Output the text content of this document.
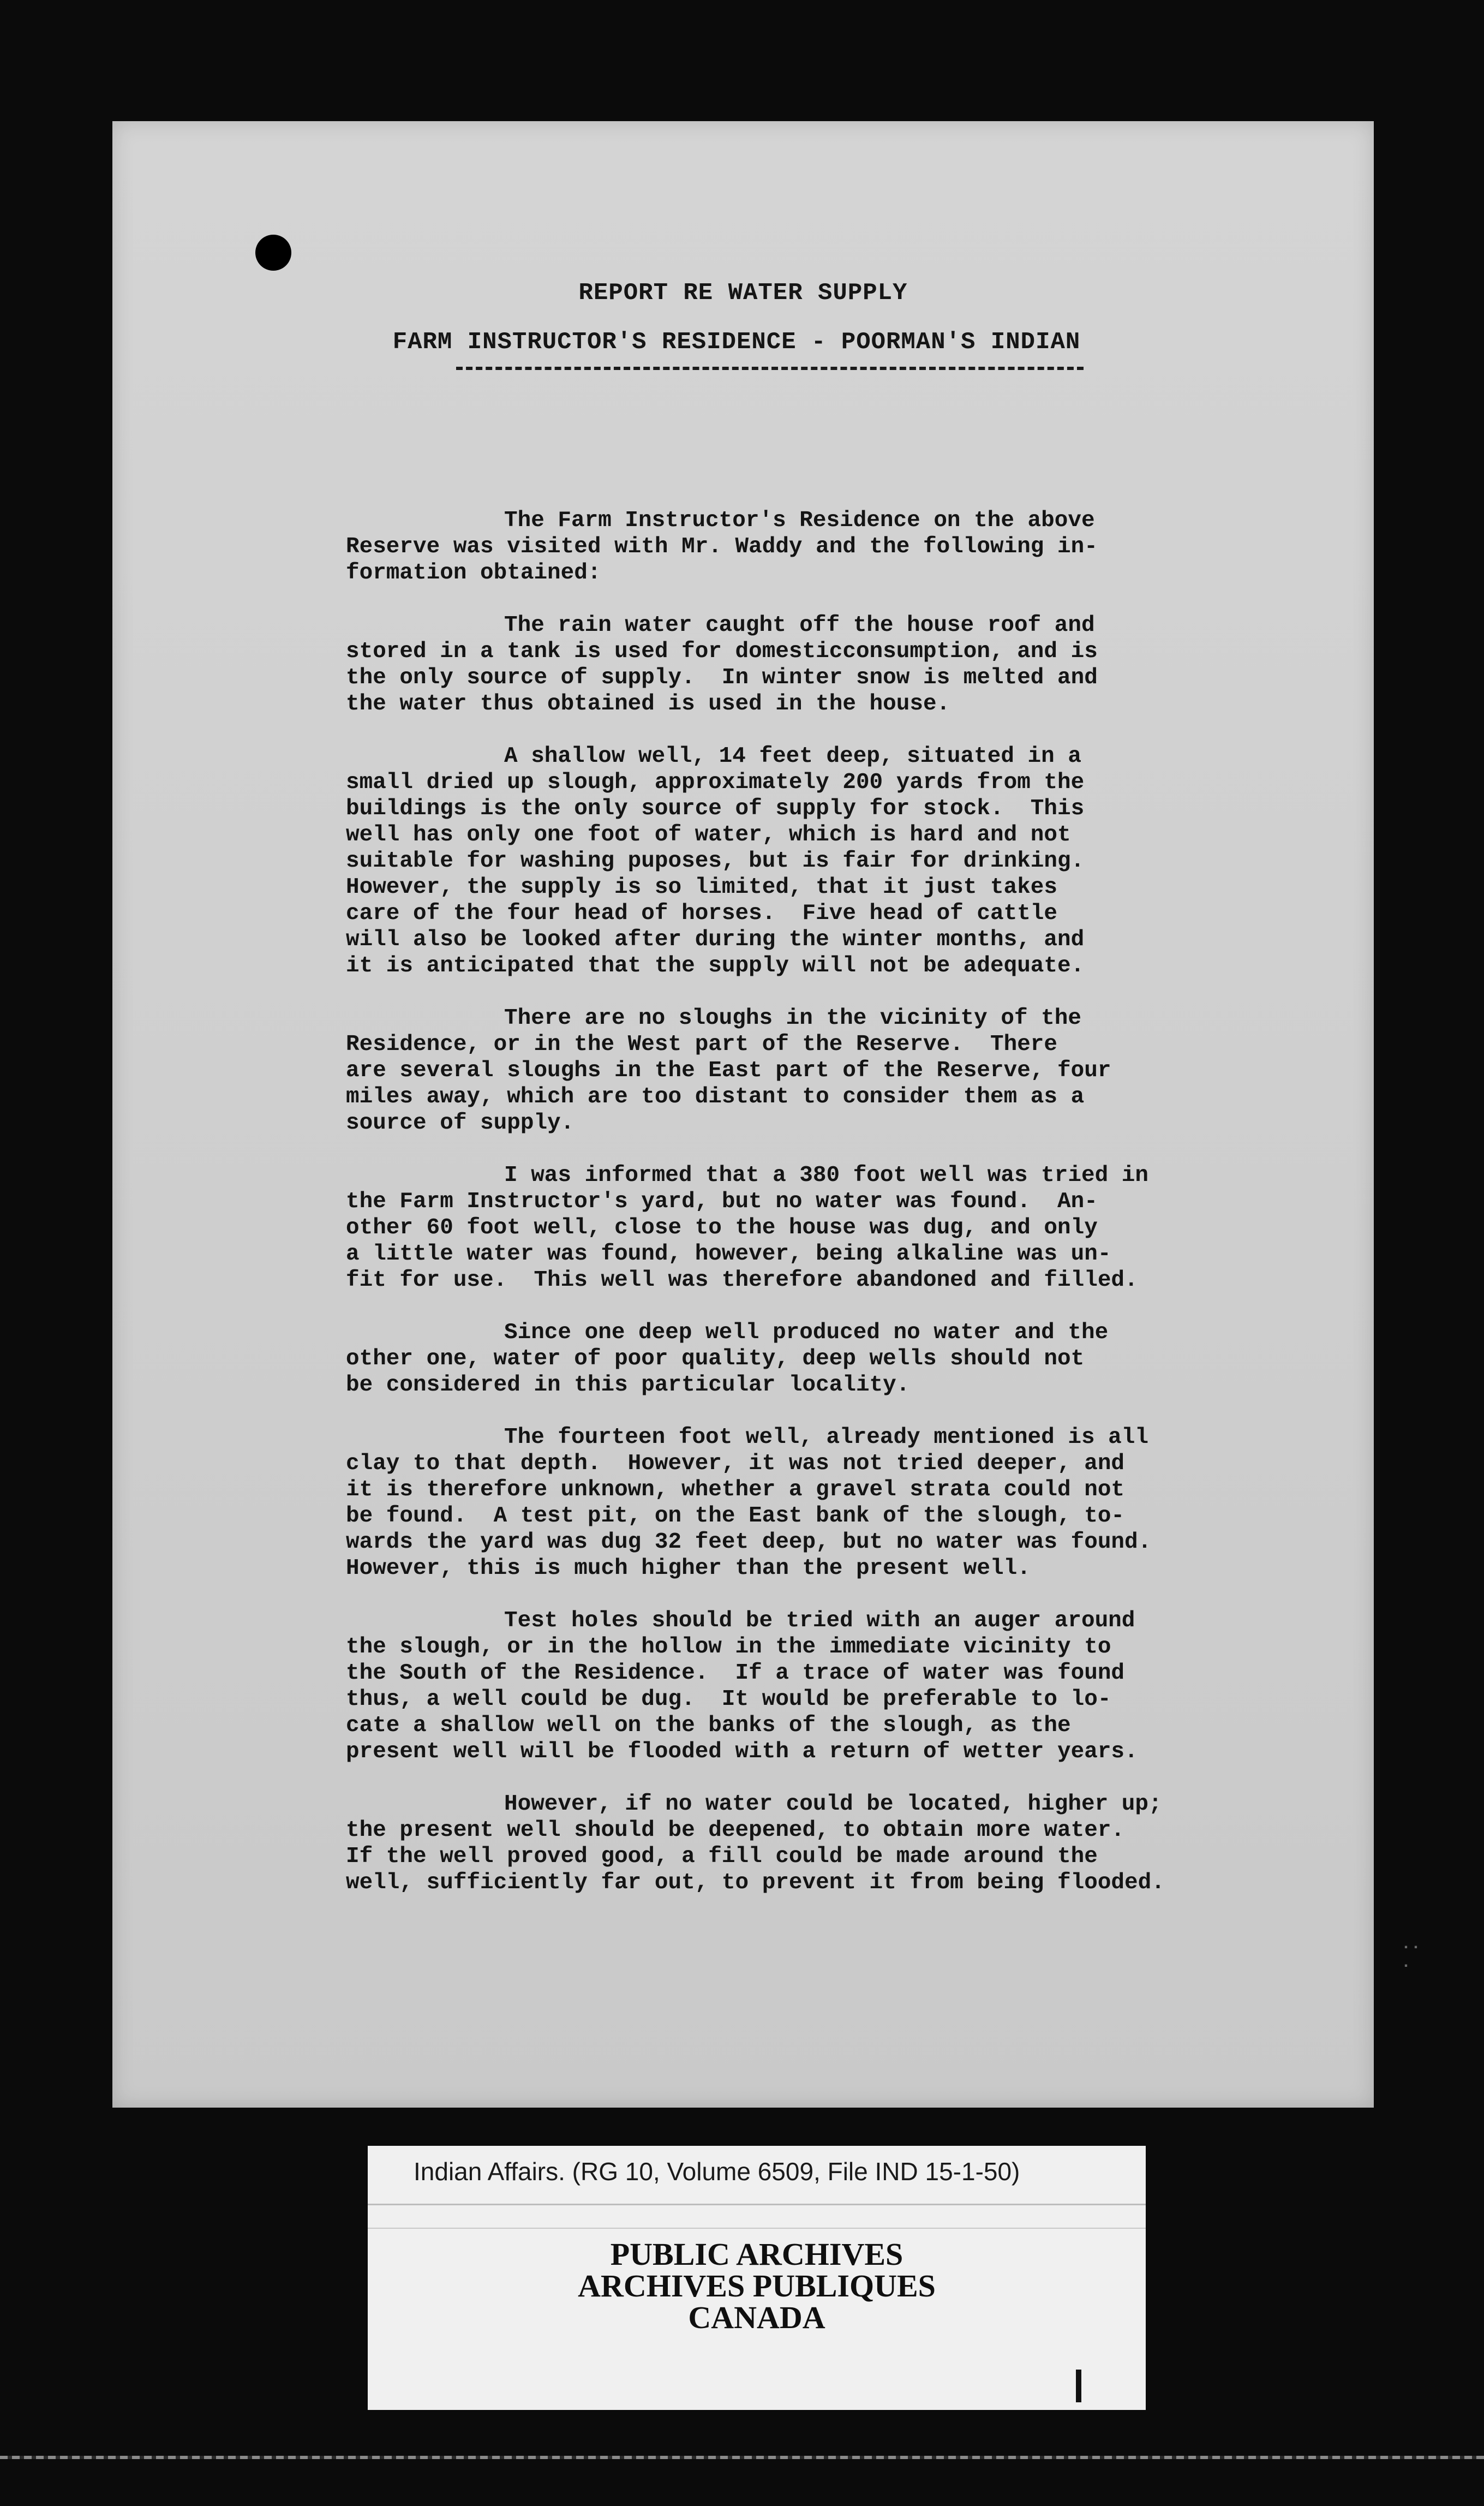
REPORT RE WATER SUPPLY

FARM INSTRUCTOR'S RESIDENCE - POORMAN'S INDIAN

The Farm Instructor's Residence on the above
Reserve was visited with Mr. Waddy and the following in-
formation obtained:
The rain water caught off the house roof and
stored in a tank is used for domesticconsumption, and is
the only source of supply.  In winter snow is melted and
the water thus obtained is used in the house.
A shallow well, 14 feet deep, situated in a
small dried up slough, approximately 200 yards from the
buildings is the only source of supply for stock.  This
well has only one foot of water, which is hard and not
suitable for washing puposes, but is fair for drinking.
However, the supply is so limited, that it just takes
care of the four head of horses.  Five head of cattle
will also be looked after during the winter months, and
it is anticipated that the supply will not be adequate.
There are no sloughs in the vicinity of the
Residence, or in the West part of the Reserve.  There
are several sloughs in the East part of the Reserve, four
miles away, which are too distant to consider them as a
source of supply.
I was informed that a 380 foot well was tried in
the Farm Instructor's yard, but no water was found.  An-
other 60 foot well, close to the house was dug, and only
a little water was found, however, being alkaline was un-
fit for use.  This well was therefore abandoned and filled.
Since one deep well produced no water and the
other one, water of poor quality, deep wells should not
be considered in this particular locality.
The fourteen foot well, already mentioned is all
clay to that depth.  However, it was not tried deeper, and
it is therefore unknown, whether a gravel strata could not
be found.  A test pit, on the East bank of the slough, to-
wards the yard was dug 32 feet deep, but no water was found.
However, this is much higher than the present well.
Test holes should be tried with an auger around
the slough, or in the hollow in the immediate vicinity to
the South of the Residence.  If a trace of water was found
thus, a well could be dug.  It would be preferable to lo-
cate a shallow well on the banks of the slough, as the
present well will be flooded with a return of wetter years.
However, if no water could be located, higher up;
the present well should be deepened, to obtain more water.
If the well proved good, a fill could be made around the
well, sufficiently far out, to prevent it from being flooded.
·· ·

Indian Affairs. (RG 10, Volume 6509, File IND 15-1-50)

PUBLIC ARCHIVES
ARCHIVES PUBLIQUES
CANADA
